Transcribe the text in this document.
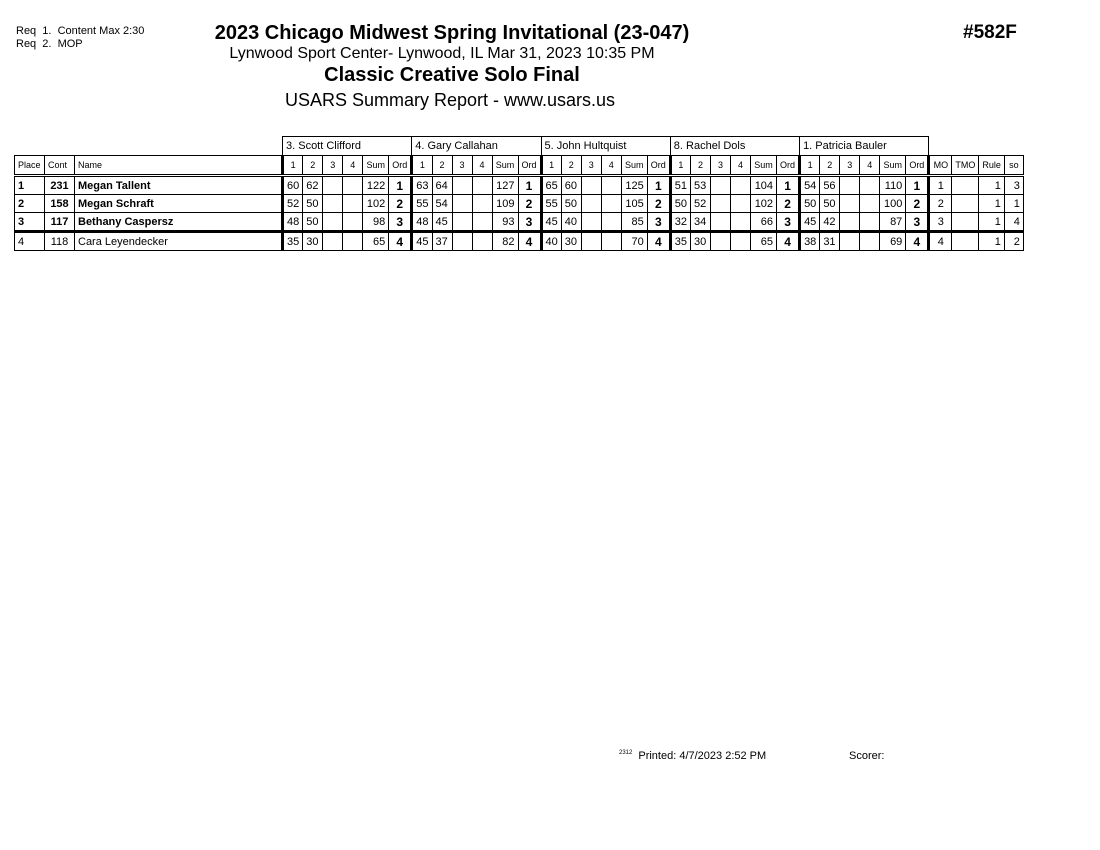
Req  1.  Content Max 2:30
Req  2.  MOP	2023 Chicago Midwest Spring Invitational (23-047)
Lynwood Sport Center- Lynwood, IL Mar 31, 2023 10:35 PM
Classic Creative Solo Final
USARS Summary Report - www.usars.us
#582F
			3. Scott Clifford						4. Gary Callahan						5. John Hultquist						8. Rachel Dols						1. Patricia Bauler									
Place	Cont	Name	1	2	3	4	Sum	Ord	1	2	3	4	Sum	Ord	1	2	3	4	Sum	Ord	1	2	3	4	Sum	Ord	1	2	3	4	Sum	Ord	MO	TMO	Rule	so
1	231	Megan Tallent	60	62			122	1	63	64			127	1	65	60			125	1	51	53			104	1	54	56			110	1	1		1	3
2	158	Megan Schraft	52	50			102	2	55	54			109	2	55	50			105	2	50	52			102	2	50	50			100	2	2		1	1
3	117	Bethany Caspersz	48	50			98	3	48	45			93	3	45	40			85	3	32	34			66	3	45	42			87	3	3		1	4
4	118	Cara Leyendecker	35	30			65	4	45	37			82	4	40	30			70	4	35	30			65	4	38	31			69	4	4		1	2
$^{2312}$ Printed: 4/7/2023 2:52 PM	Scorer:
